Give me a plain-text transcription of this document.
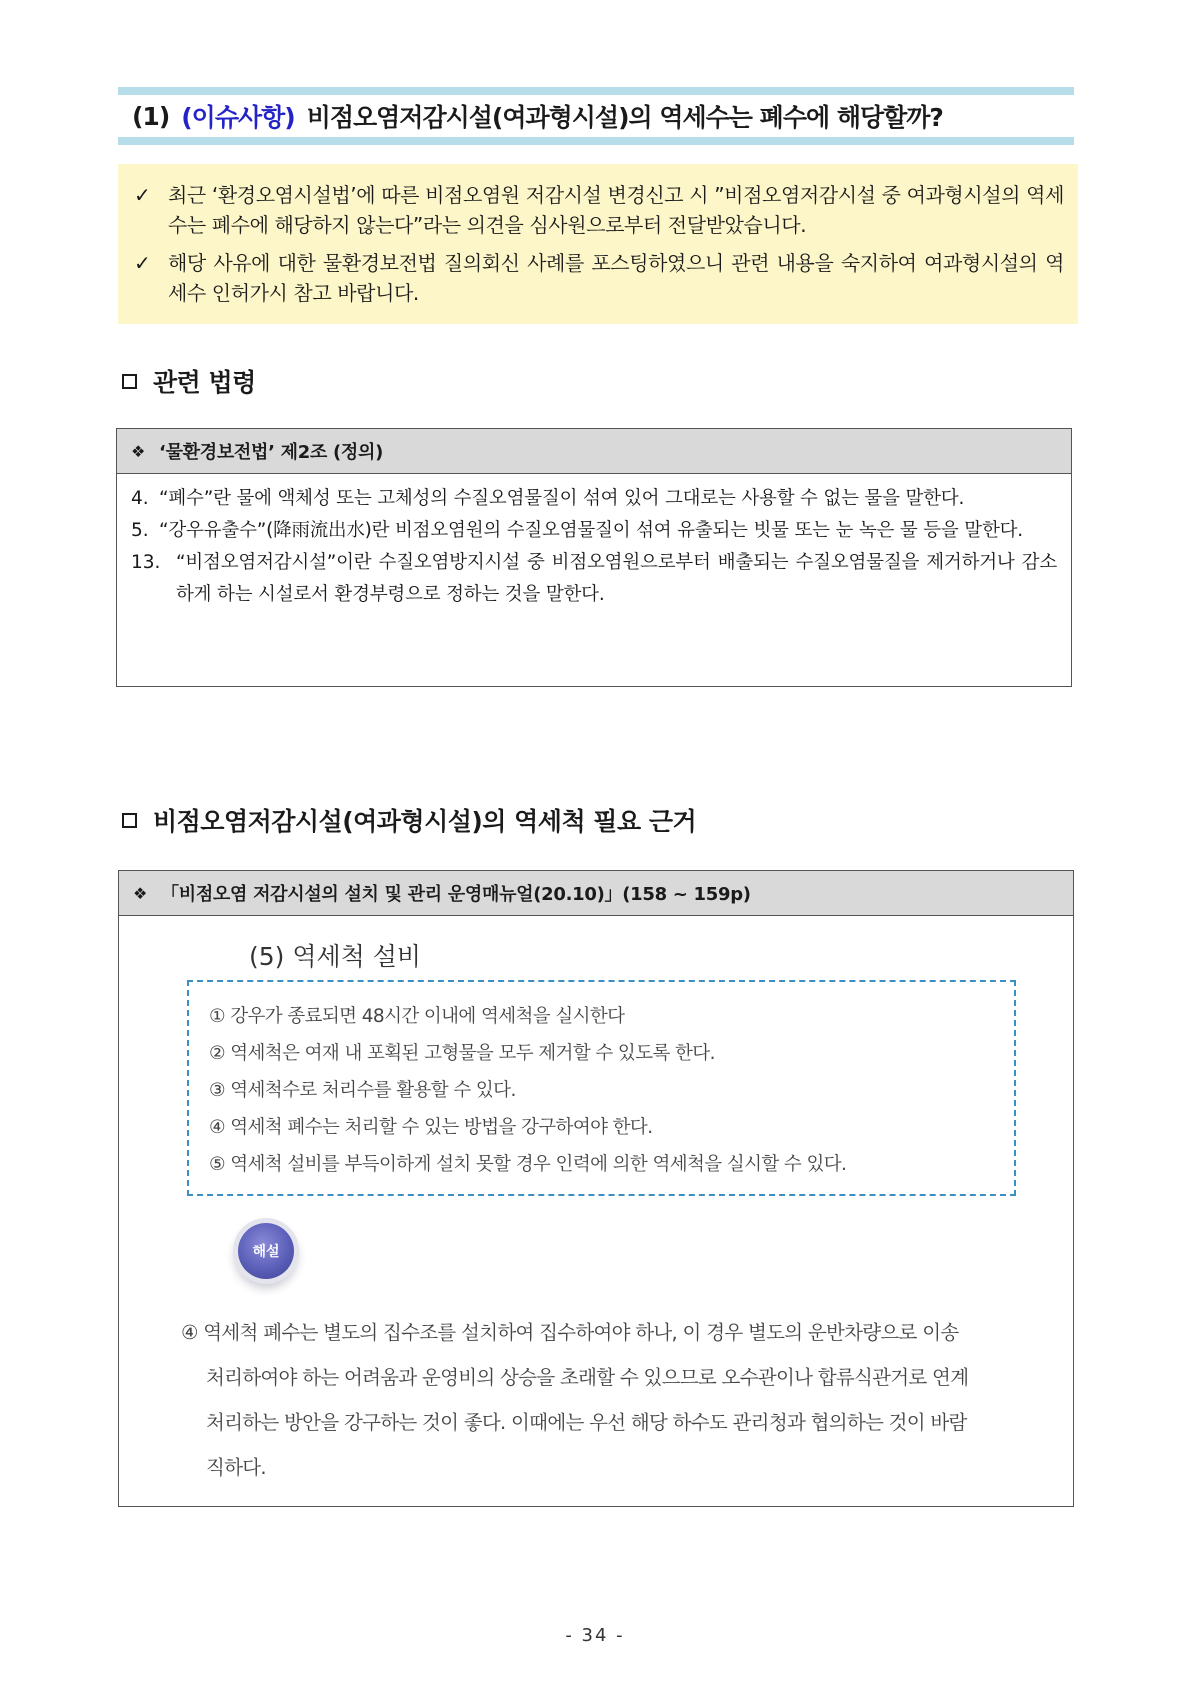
(1) (이슈사항) 비점오염저감시설(여과형시설)의 역세수는 폐수에 해당할까?
✓ 최근 ‘환경오염시설법’에 따른 비점오염원 저감시설 변경신고 시 ”비점오염저감시설 중 여과형시설의 역세수는 폐수에 해당하지 않는다”라는 의견을 심사원으로부터 전달받았습니다.
✓ 해당 사유에 대한 물환경보전법 질의회신 사례를 포스팅하였으니 관련 내용을 숙지하여 여과형시설의 역세수 인허가시 참고 바랍니다.
관련 법령
❖ ‘물환경보전법’ 제2조 (정의)
4. “폐수”란 물에 액체성 또는 고체성의 수질오염물질이 섞여 있어 그대로는 사용할 수 없는 물을 말한다.
5. “강우유출수”(降雨流出水)란 비점오염원의 수질오염물질이 섞여 유출되는 빗물 또는 눈 녹은 물 등을 말한다.
13. “비점오염저감시설”이란 수질오염방지시설 중 비점오염원으로부터 배출되는 수질오염물질을 제거하거나 감소하게 하는 시설로서 환경부령으로 정하는 것을 말한다.
비점오염저감시설(여과형시설)의 역세척 필요 근거
❖ 「비점오염 저감시설의 설치 및 관리 운영매뉴얼(20.10)」(158 ~ 159p)
(5) 역세척 설비
① 강우가 종료되면 48시간 이내에 역세척을 실시한다
② 역세척은 여재 내 포획된 고형물을 모두 제거할 수 있도록 한다.
③ 역세척수로 처리수를 활용할 수 있다.
④ 역세척 폐수는 처리할 수 있는 방법을 강구하여야 한다.
⑤ 역세척 설비를 부득이하게 설치 못할 경우 인력에 의한 역세척을 실시할 수 있다.
해설
④ 역세척 폐수는 별도의 집수조를 설치하여 집수하여야 하나, 이 경우 별도의 운반차량으로 이송
처리하여야 하는 어려움과 운영비의 상승을 초래할 수 있으므로 오수관이나 합류식관거로 연계
처리하는 방안을 강구하는 것이 좋다. 이때에는 우선 해당 하수도 관리청과 협의하는 것이 바람
직하다.
- 34 -
